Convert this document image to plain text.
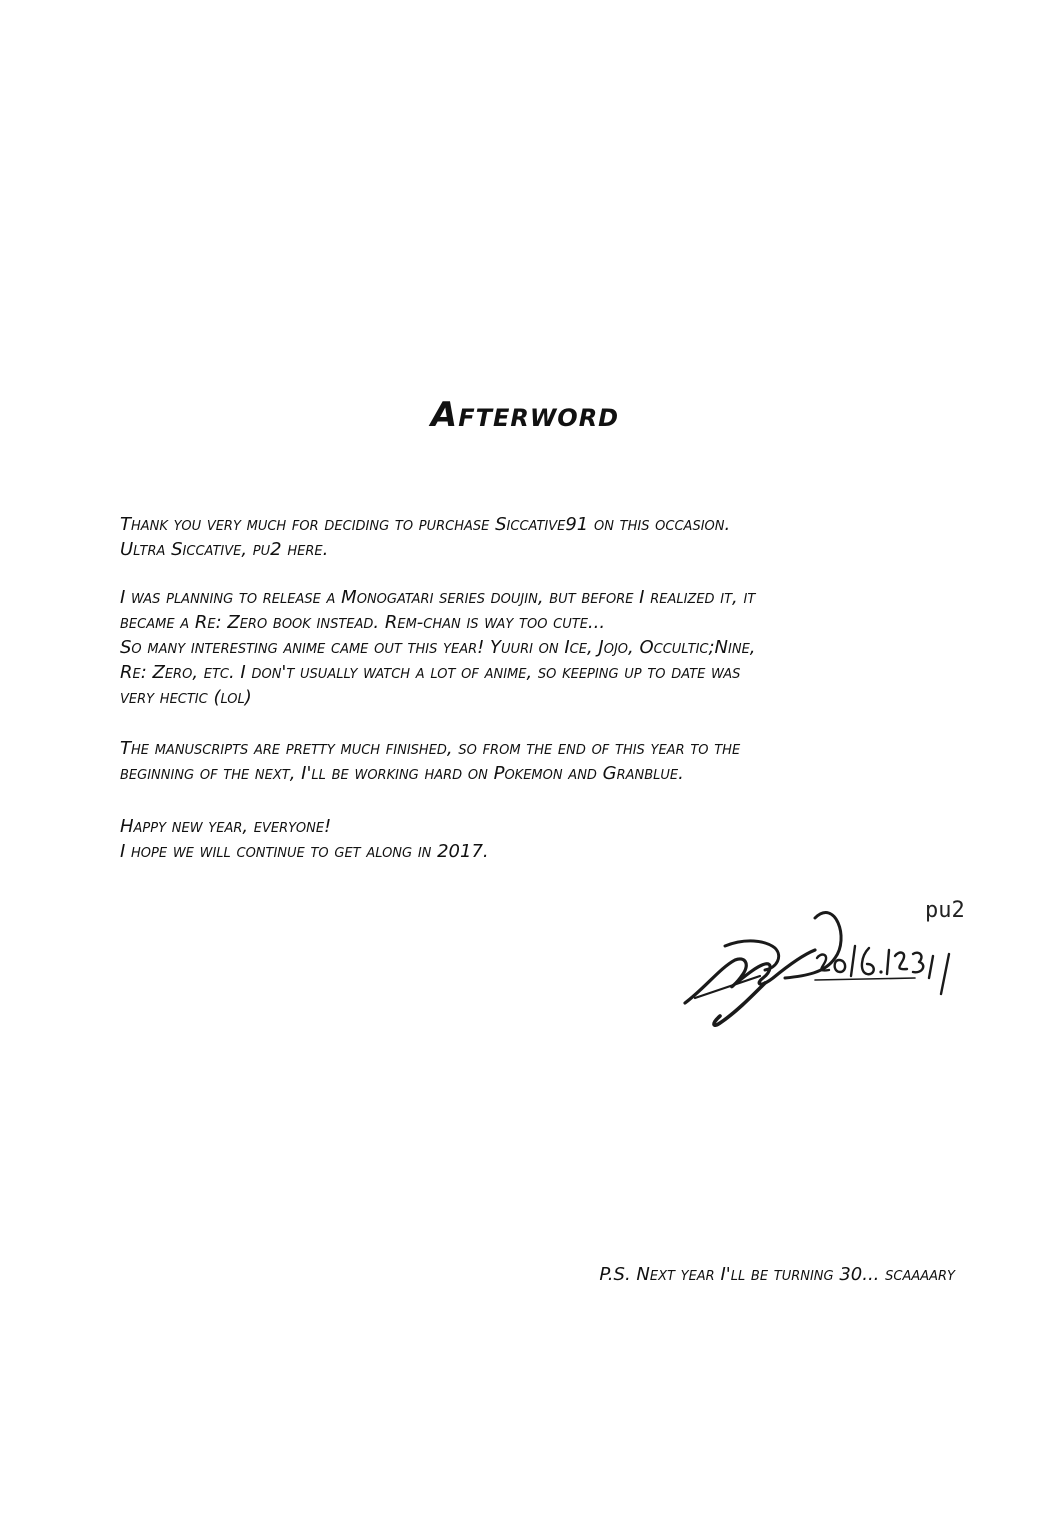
Afterword
Thank you very much for deciding to purchase Siccative91 on this occasion.
Ultra Siccative, pu2 here.
I was planning to release a Monogatari series doujin, but before I realized it, it
became a Re: Zero book instead. Rem-chan is way too cute...
So many interesting anime came out this year! Yuuri on Ice, Jojo, Occultic;Nine,
Re: Zero, etc. I don't usually watch a lot of anime, so keeping up to date was
very hectic (lol)
The manuscripts are pretty much finished, so from the end of this year to the
beginning of the next, I'll be working hard on Pokemon and Granblue.
Happy new year, everyone!
I hope we will continue to get along in 2017.
pu2
P.S. Next year I'll be turning 30... scaaaary
